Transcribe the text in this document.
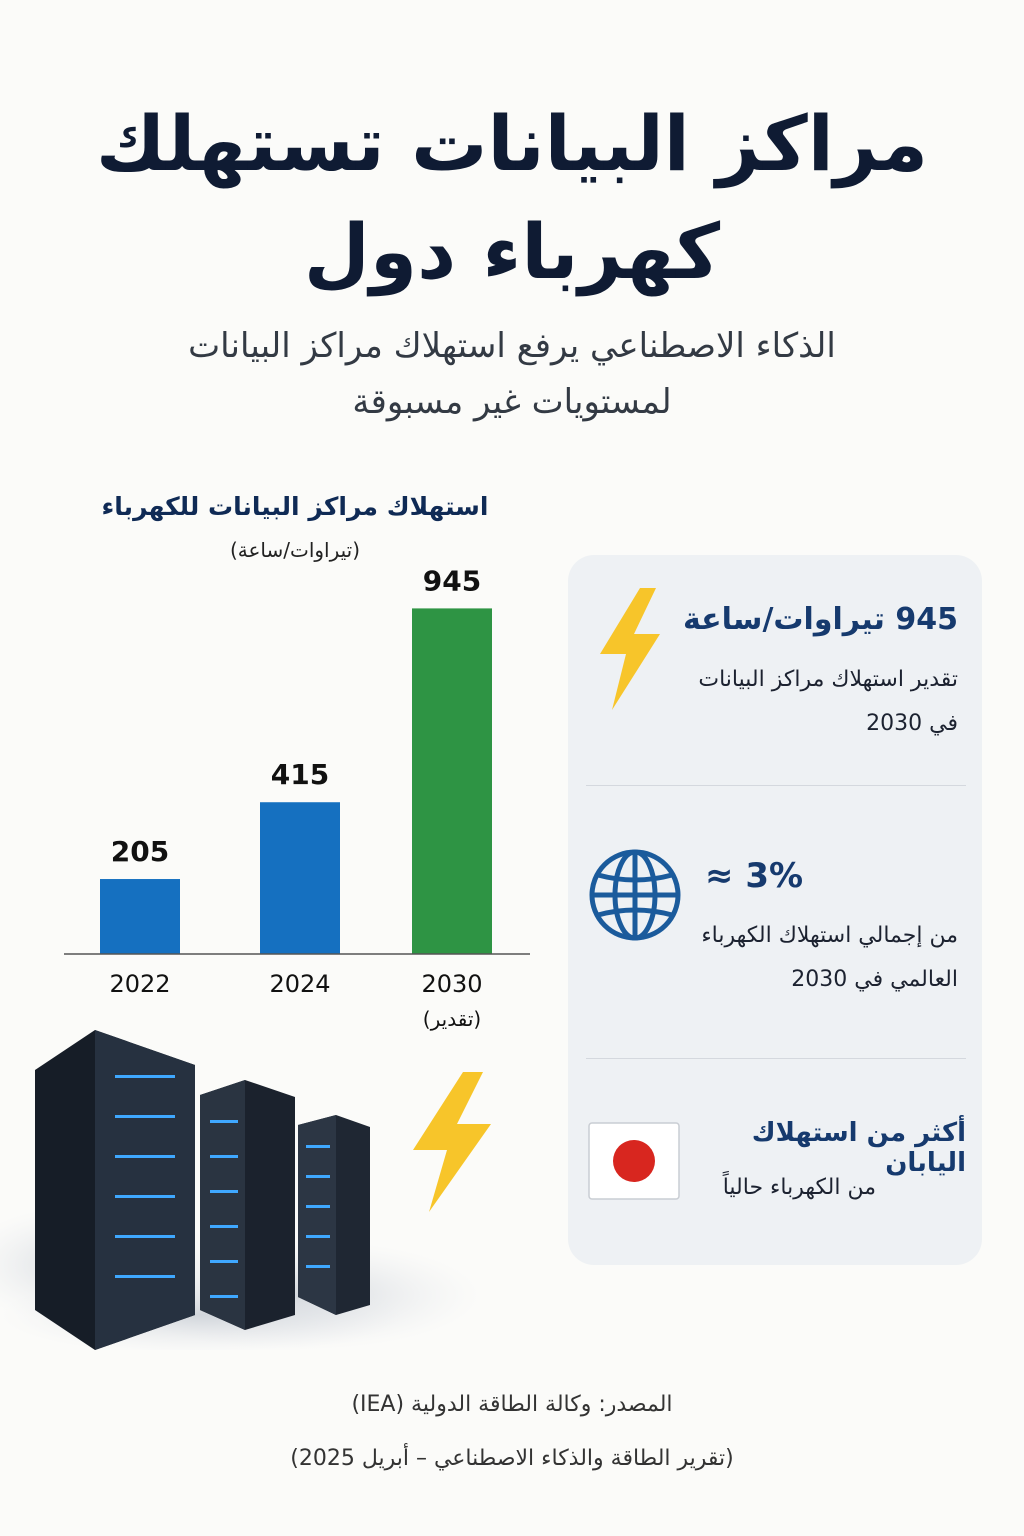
مراكز البيانات تستهلك
كهرباء دول

الذكاء الاصطناعي يرفع استهلاك مراكز البيانات
لمستويات غير مسبوقة

استهلاك مراكز البيانات للكهرباء
(تيراوات/ساعة)
205
2022
415
2024
945
2030
(تقدير)
945 تيراوات/ساعة
تقدير استهلاك مراكز البيانات
في 2030
≈ 3%
من إجمالي استهلاك الكهرباء
العالمي في 2030
أكثر من استهلاك اليابان
من الكهرباء حالياً
المصدر: وكالة الطاقة الدولية (IEA)
(تقرير الطاقة والذكاء الاصطناعي – أبريل 2025)
